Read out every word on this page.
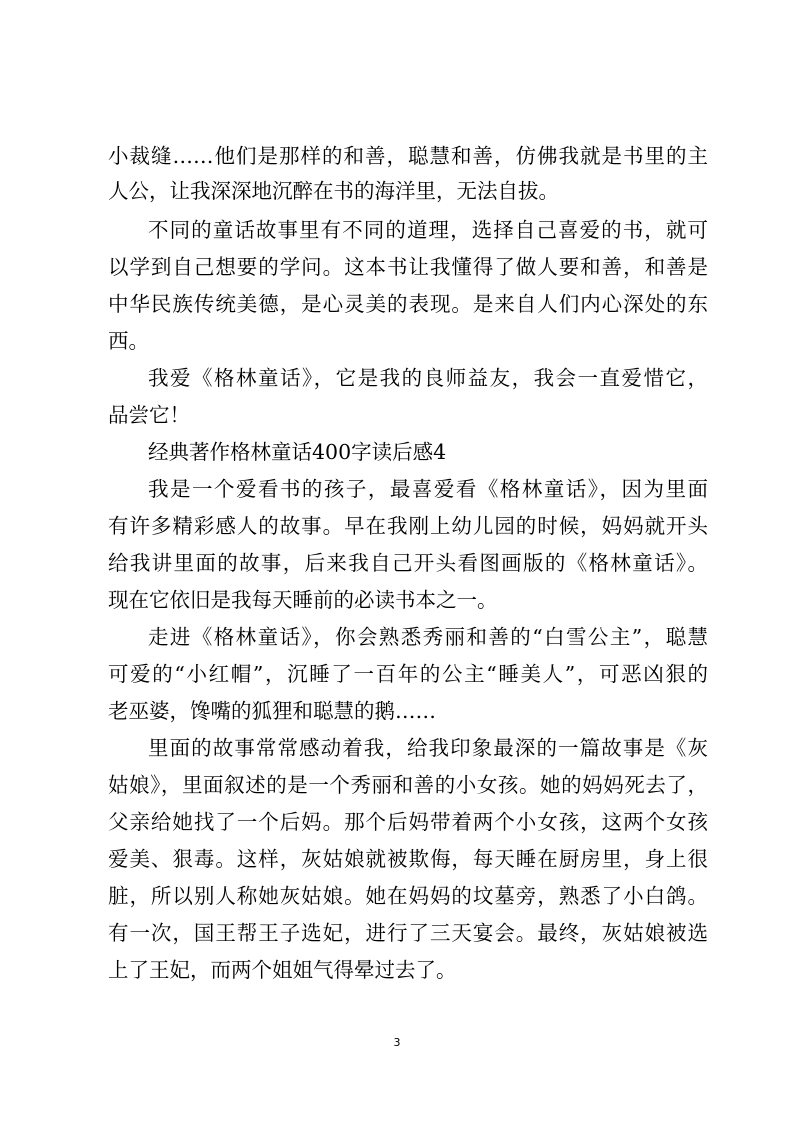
小裁缝……他们是那样的和善，聪慧和善，仿佛我就是书里的主
人公，让我深深地沉醉在书的海洋里，无法自拔。
不同的童话故事里有不同的道理，选择自己喜爱的书，就可
以学到自己想要的学问。这本书让我懂得了做人要和善，和善是
中华民族传统美德，是心灵美的表现。是来自人们内心深处的东
西。
我爱《格林童话》，它是我的良师益友，我会一直爱惜它，
品尝它！
经典著作格林童话400字读后感4
我是一个爱看书的孩子，最喜爱看《格林童话》，因为里面
有许多精彩感人的故事。早在我刚上幼儿园的时候，妈妈就开头
给我讲里面的故事，后来我自己开头看图画版的《格林童话》。
现在它依旧是我每天睡前的必读书本之一。
走进《格林童话》，你会熟悉秀丽和善的“白雪公主”，聪慧
可爱的“小红帽”，沉睡了一百年的公主“睡美人”，可恶凶狠的
老巫婆，馋嘴的狐狸和聪慧的鹅……
里面的故事常常感动着我，给我印象最深的一篇故事是《灰
姑娘》，里面叙述的是一个秀丽和善的小女孩。她的妈妈死去了，
父亲给她找了一个后妈。那个后妈带着两个小女孩，这两个女孩
爱美、狠毒。这样，灰姑娘就被欺侮，每天睡在厨房里，身上很
脏，所以别人称她灰姑娘。她在妈妈的坟墓旁，熟悉了小白鸽。
有一次，国王帮王子选妃，进行了三天宴会。最终，灰姑娘被选
上了王妃，而两个姐姐气得晕过去了。
3
